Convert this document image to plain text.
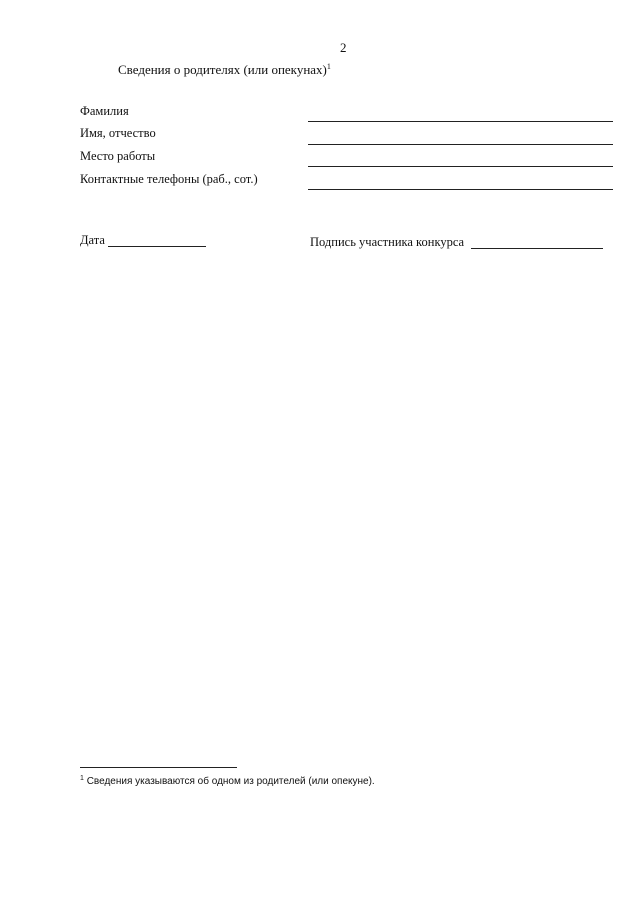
2
Сведения о родителях (или опекунах)$^1$
Фамилия
Имя, отчество
Место работы
Контактные телефоны (раб., сот.)
Дата	Подпись участника конкурса
$^1$ Сведения указываются об одном из родителей (или опекуне).
